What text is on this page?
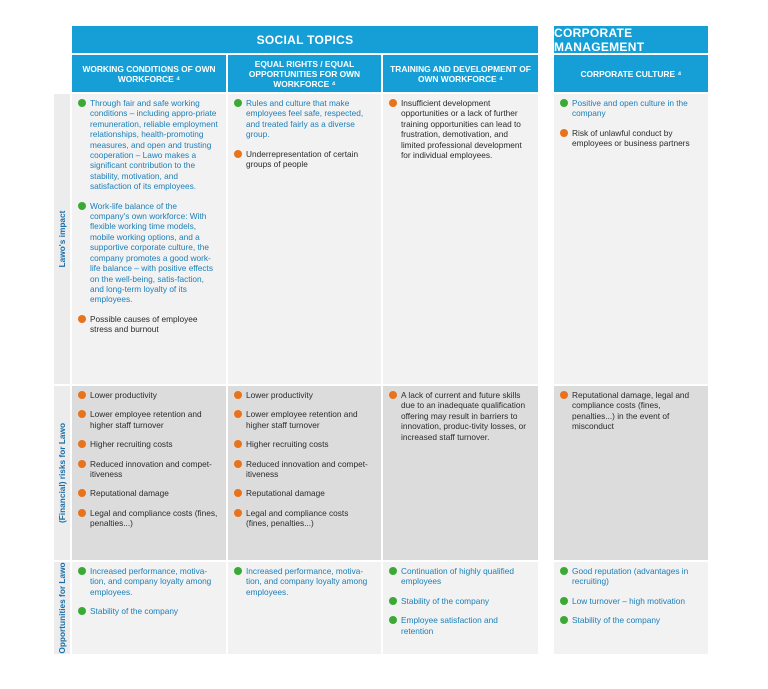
SOCIAL TOPICS	CORPORATE MANAGEMENT
WORKING CONDITIONS OF OWN WORKFORCE ⁴
EQUAL RIGHTS / EQUAL OPPORTUNITIES FOR OWN WORKFORCE ⁴
TRAINING AND DEVELOPMENT OF OWN WORKFORCE ⁴	CORPORATE CULTURE ⁴
Lawo's impact
(Financial) risks for Lawo
Opportunities for Lawo
Through fair and safe working conditions – including appro-priate remuneration, reliable employment relationships, health-promoting measures, and open and trusting cooperation – Lawo makes a significant contribution to the stability, motivation, and satisfaction of its employees.
Work-life balance of the company's own workforce: With flexible working time models, mobile working options, and a supportive corporate culture, the company promotes a good work-life balance – with positive effects on the well-being, satis-faction, and long-term loyalty of its employees.
Possible causes of employee stress and burnout
Rules and culture that make employees feel safe, respected, and treated fairly as a diverse group.
Underrepresentation of certain groups of people
Insufficient development opportunities or a lack of further training opportunities can lead to frustration, demotivation, and limited professional development for individual employees.
Positive and open culture in the company
Risk of unlawful conduct by employees or business partners
Lower productivity
Lower employee retention and higher staff turnover
Higher recruiting costs
Reduced innovation and compet-itiveness
Reputational damage
Legal and compliance costs (fines, penalties...)
Lower productivity
Lower employee retention and higher staff turnover
Higher recruiting costs
Reduced innovation and compet-itiveness
Reputational damage
Legal and compliance costs (fines, penalties...)
A lack of current and future skills due to an inadequate qualification offering may result in barriers to innovation, produc-tivity losses, or increased staff turnover.
Reputational damage, legal and compliance costs (fines, penalties...) in the event of misconduct
Increased performance, motiva-tion, and company loyalty among employees.
Stability of the company
Increased performance, motiva-tion, and company loyalty among employees.
Continuation of highly qualified employees
Stability of the company
Employee satisfaction and retention
Good reputation (advantages in recruiting)
Low turnover – high motivation
Stability of the company
